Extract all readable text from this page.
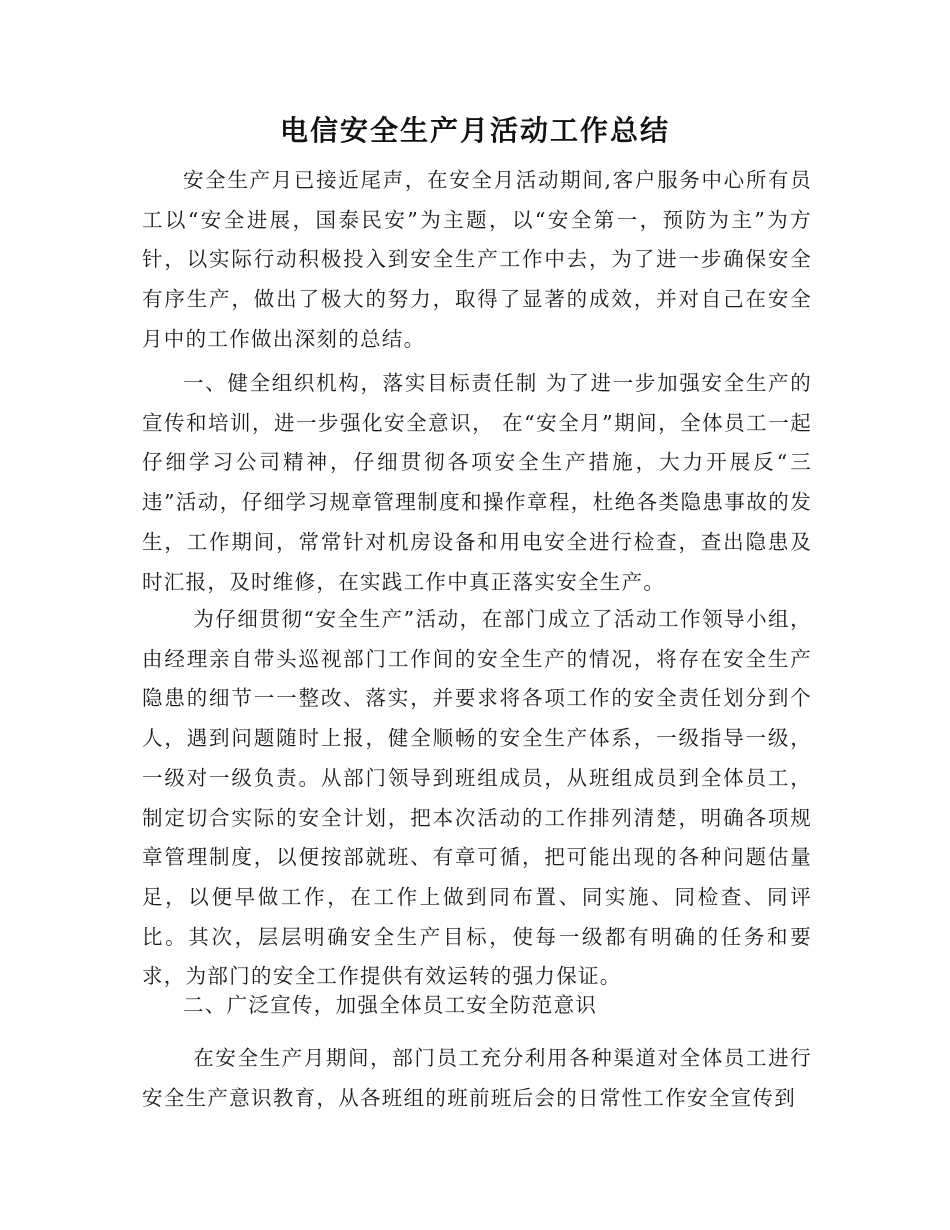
电信安全生产月活动工作总结

安全生产月已接近尾声，在安全月活动期间,客户服务中心所有员工以“安全进展，国泰民安”为主题，以“安全第一，预防为主”为方针，以实际行动积极投入到安全生产工作中去，为了进一步确保安全有序生产，做出了极大的努力，取得了显著的成效，并对自己在安全月中的工作做出深刻的总结。

一、健全组织机构，落实目标责任制 为了进一步加强安全生产的宣传和培训，进一步强化安全意识， 在“安全月”期间，全体员工一起仔细学习公司精神，仔细贯彻各项安全生产措施，大力开展反“三违”活动，仔细学习规章管理制度和操作章程，杜绝各类隐患事故的发生，工作期间，常常针对机房设备和用电安全进行检查，查出隐患及时汇报，及时维修，在实践工作中真正落实安全生产。

为仔细贯彻“安全生产”活动，在部门成立了活动工作领导小组，由经理亲自带头巡视部门工作间的安全生产的情况，将存在安全生产隐患的细节一一整改、落实，并要求将各项工作的安全责任划分到个人，遇到问题随时上报，健全顺畅的安全生产体系，一级指导一级，一级对一级负责。从部门领导到班组成员，从班组成员到全体员工，制定切合实际的安全计划，把本次活动的工作排列清楚，明确各项规章管理制度，以便按部就班、有章可循，把可能出现的各种问题估量足，以便早做工作，在工作上做到同布置、同实施、同检查、同评比。其次，层层明确安全生产目标，使每一级都有明确的任务和要求，为部门的安全工作提供有效运转的强力保证。

二、广泛宣传，加强全体员工安全防范意识

在安全生产月期间，部门员工充分利用各种渠道对全体员工进行安全生产意识教育，从各班组的班前班后会的日常性工作安全宣传到
